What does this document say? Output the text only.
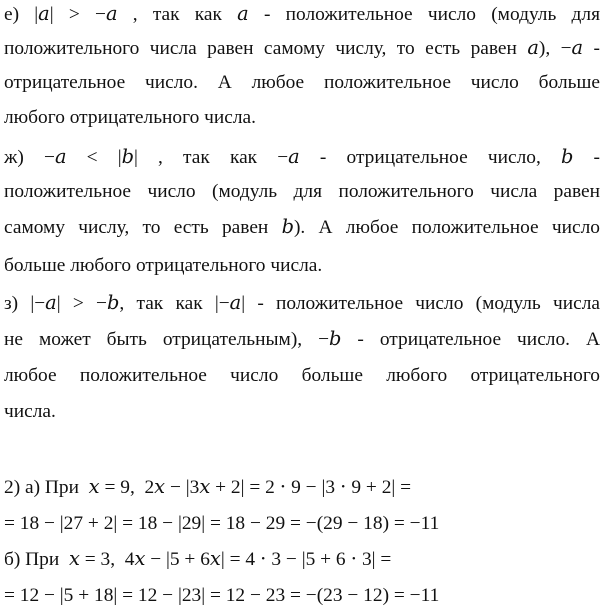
е) |𝑎| > −𝑎 , так как 𝑎 - положительное число (модуль для
положительного числа равен самому числу, то есть равен 𝑎), −𝑎 -
отрицательное число. А любое положительное число больше
любого отрицательного числа.
ж) −𝑎 < |𝑏| , так как −𝑎 - отрицательное число, 𝑏 -
положительное число (модуль для положительного числа равен
самому числу, то есть равен 𝑏). А любое положительное число
больше любого отрицательного числа.
з) |−𝑎| > −𝑏, так как |−𝑎| - положительное число (модуль числа
не может быть отрицательным), −𝑏 - отрицательное число. А
любое положительное число больше любого отрицательного
числа.
2) а) При  𝑥 = 9,  2𝑥 − |3𝑥 + 2| = 2 ⋅ 9 − |3 ⋅ 9 + 2| =
= 18 − |27 + 2| = 18 − |29| = 18 − 29 = −(29 − 18) = −11
б) При  𝑥 = 3,  4𝑥 − |5 + 6𝑥| = 4 ⋅ 3 − |5 + 6 ⋅ 3| =
= 12 − |5 + 18| = 12 − |23| = 12 − 23 = −(23 − 12) = −11
